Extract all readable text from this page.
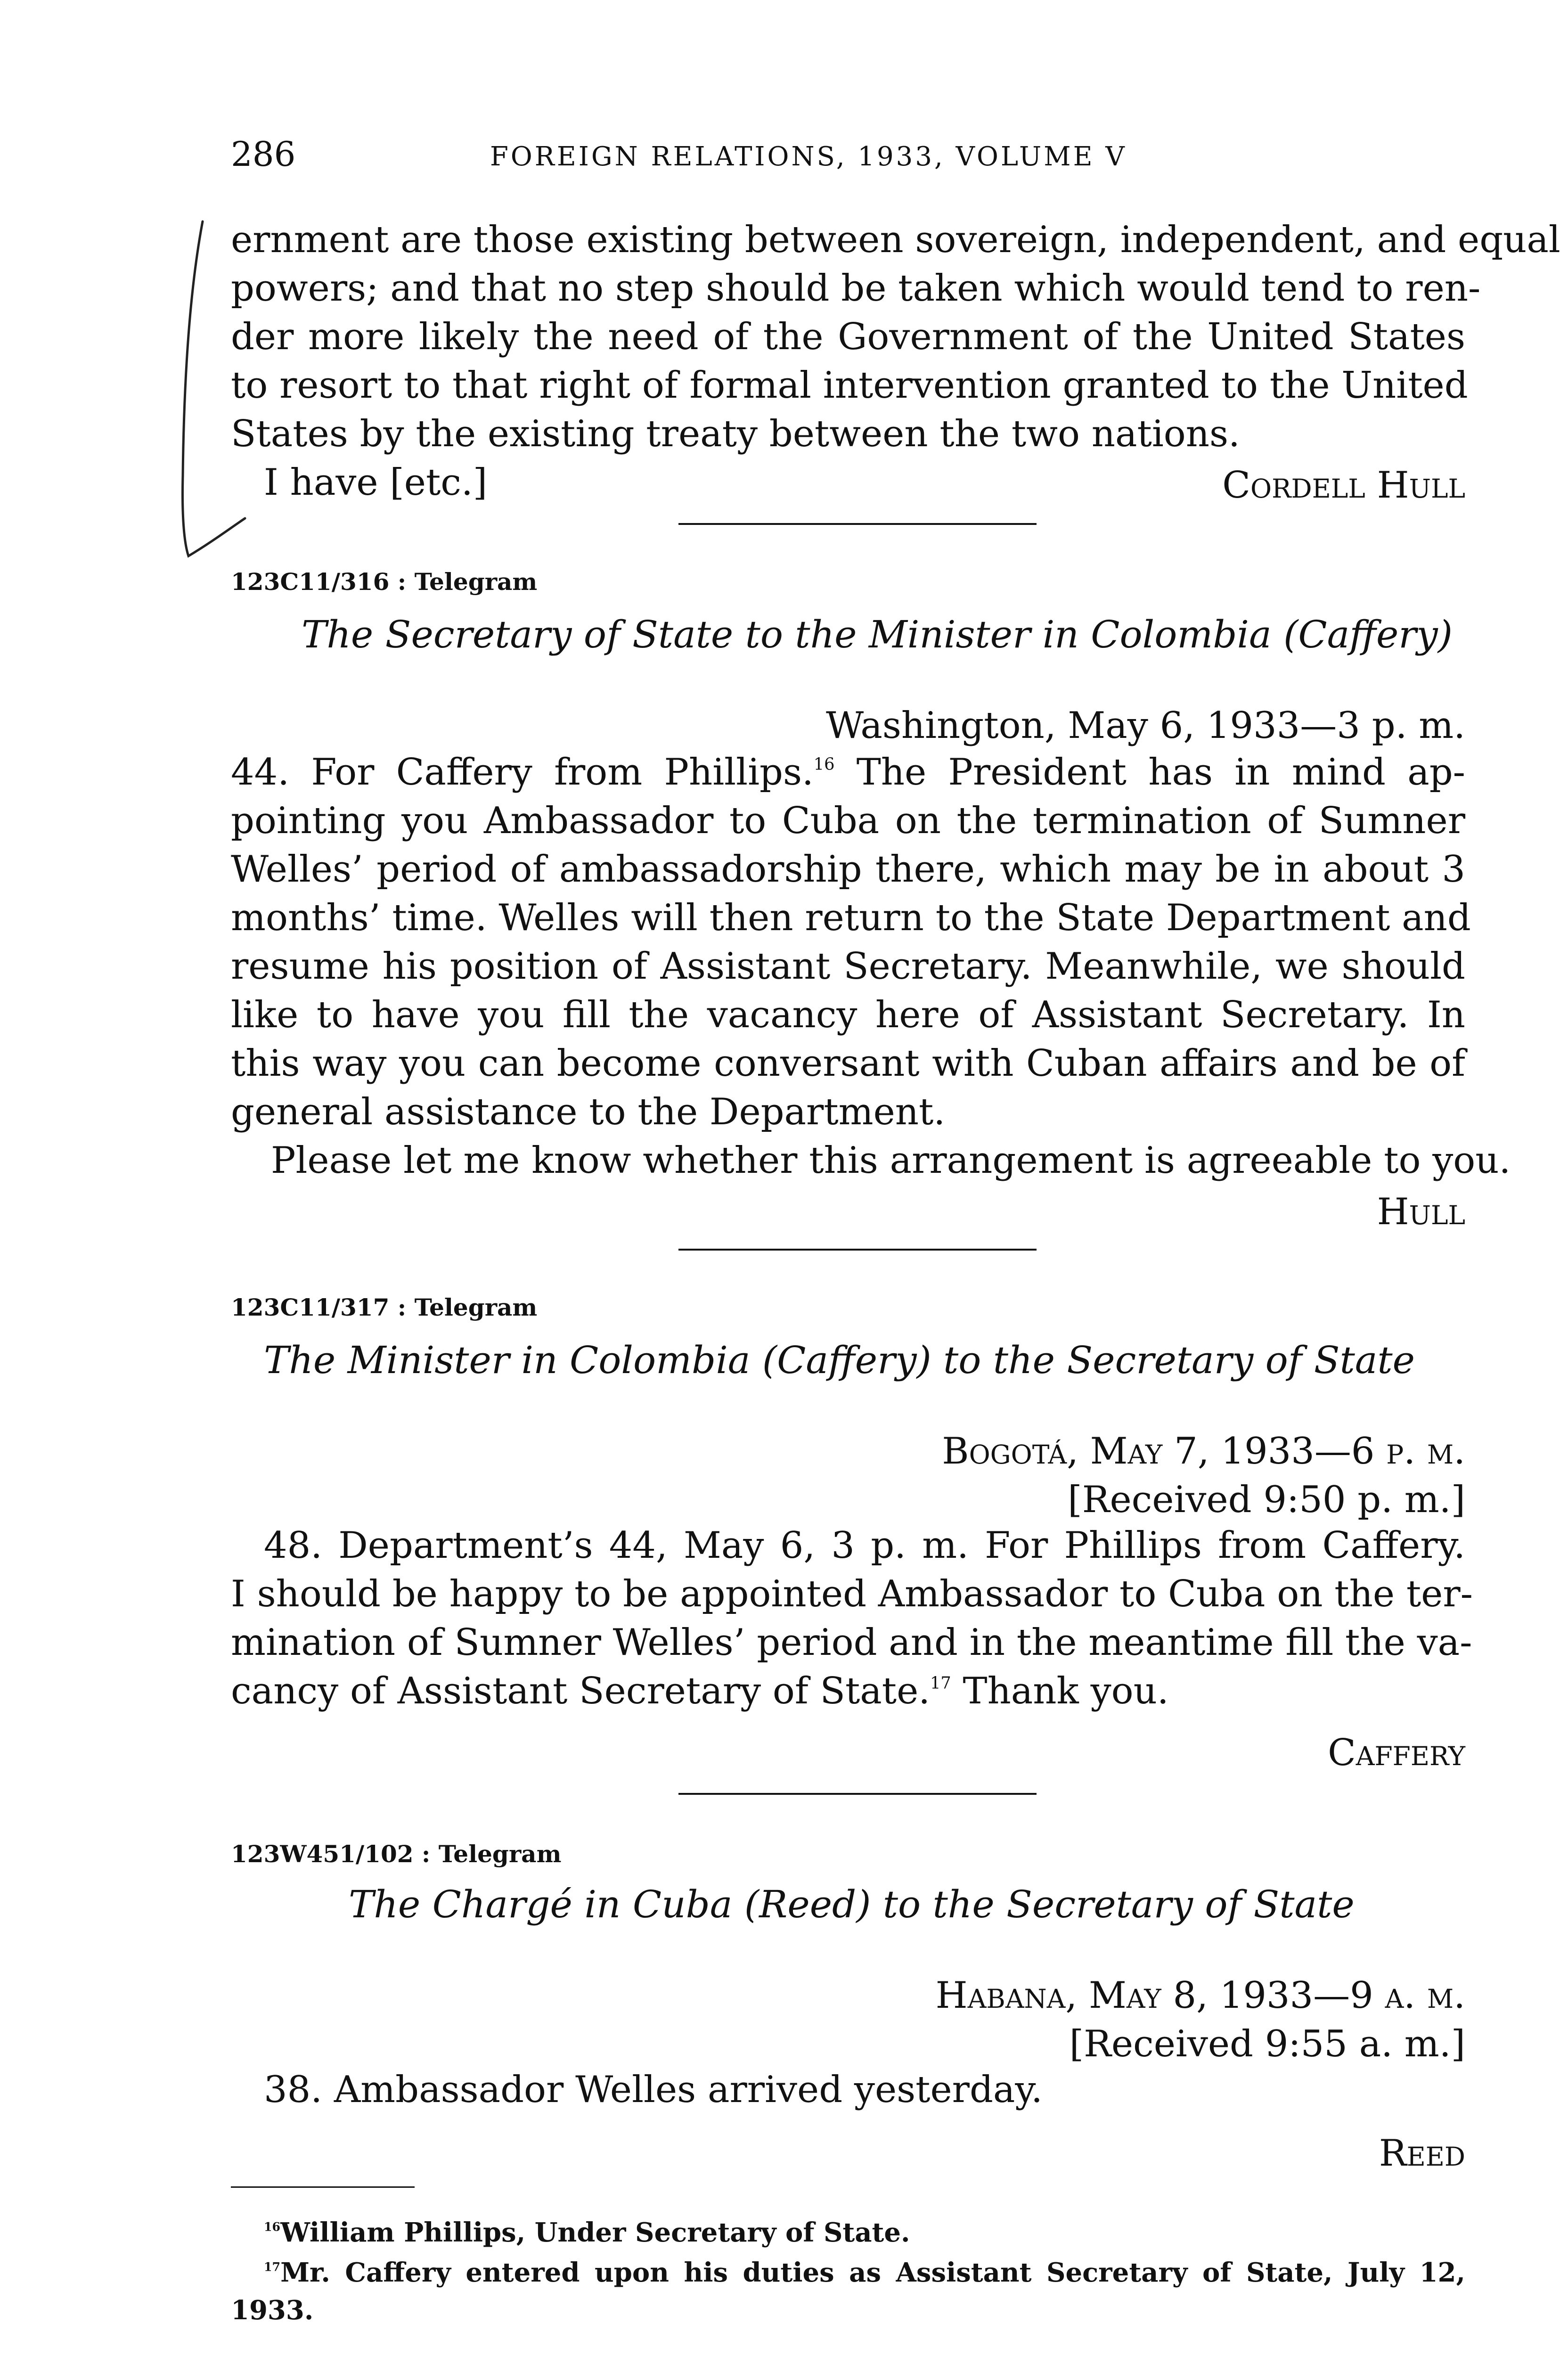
286	FOREIGN RELATIONS, 1933, VOLUME V
ernment are those existing between sovereign, independent, and equal
powers; and that no step should be taken which would tend to ren-
der more likely the need of the Government of the United States
to resort to that right of formal intervention granted to the United
States by the existing treaty between the two nations.
I have [etc.]	Cordell Hull
123C11/316 : Telegram
The Secretary of State to the Minister in Colombia (Caffery)
Washington, May 6, 1933—3 p. m.
44. For Caffery from Phillips.$^{16}$ The President has in mind ap-
pointing you Ambassador to Cuba on the termination of Sumner
Welles’ period of ambassadorship there, which may be in about 3
months’ time. Welles will then return to the State Department and
resume his position of Assistant Secretary. Meanwhile, we should
like to have you fill the vacancy here of Assistant Secretary. In
this way you can become conversant with Cuban affairs and be of
general assistance to the Department.
Please let me know whether this arrangement is agreeable to you.
Hull
123C11/317 : Telegram
The Minister in Colombia (Caffery) to the Secretary of State
Bogotá, May 7, 1933—6 p. m.
[Received 9:50 p. m.]
48. Department’s 44, May 6, 3 p. m. For Phillips from Caffery.
I should be happy to be appointed Ambassador to Cuba on the ter-
mination of Sumner Welles’ period and in the meantime fill the va-
cancy of Assistant Secretary of State.$^{17}$ Thank you.
Caffery
123W451/102 : Telegram
The Chargé in Cuba (Reed) to the Secretary of State
Habana, May 8, 1933—9 a. m.
[Received 9:55 a. m.]
38. Ambassador Welles arrived yesterday.
Reed
$^{16}$William Phillips, Under Secretary of State.
$^{17}$Mr. Caffery entered upon his duties as Assistant Secretary of State, July 12,
1933.
